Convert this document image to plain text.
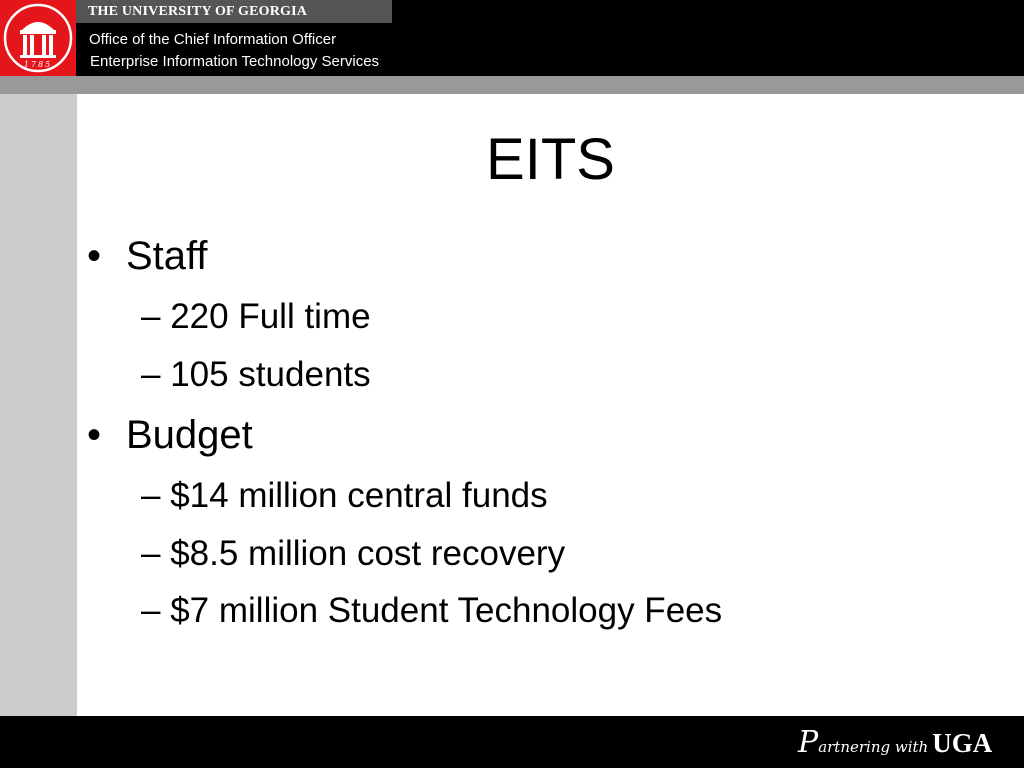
1785
THE UNIVERSITY OF GEORGIA
Office of the Chief Information Officer
Enterprise Information Technology Services
EITS
• Staff
– 220 Full time
– 105 students
• Budget
– $14 million central funds
– $8.5 million cost recovery
– $7 million Student Technology Fees
Partnering with UGA
